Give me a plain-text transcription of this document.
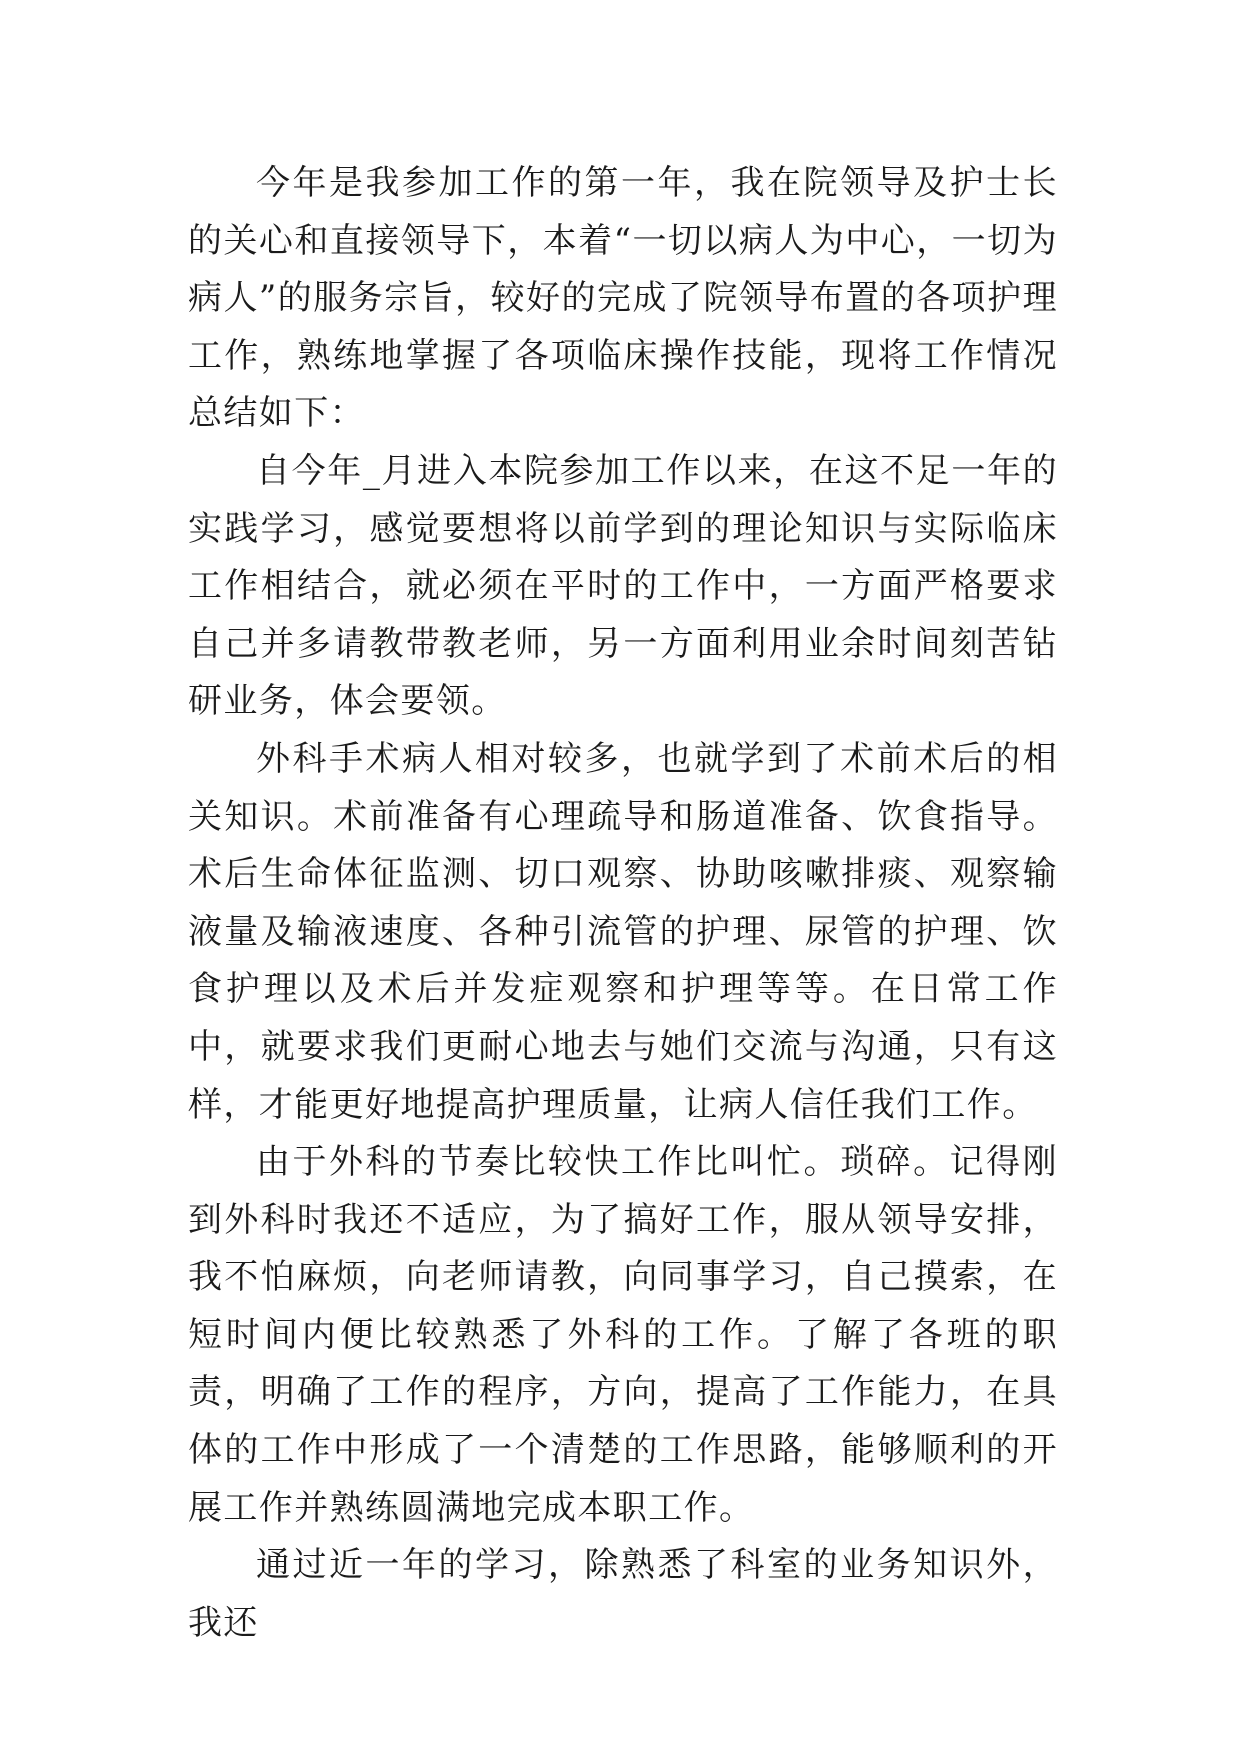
今年是我参加工作的第一年，我在院领导及护士长的关心和直接领导下，本着“一切以病人为中心，一切为病人”的服务宗旨，较好的完成了院领导布置的各项护理工作，熟练地掌握了各项临床操作技能，现将工作情况总结如下：

自今年_月进入本院参加工作以来，在这不足一年的实践学习，感觉要想将以前学到的理论知识与实际临床工作相结合，就必须在平时的工作中，一方面严格要求自己并多请教带教老师，另一方面利用业余时间刻苦钻研业务，体会要领。

外科手术病人相对较多，也就学到了术前术后的相关知识。术前准备有心理疏导和肠道准备、饮食指导。术后生命体征监测、切口观察、协助咳嗽排痰、观察输液量及输液速度、各种引流管的护理、尿管的护理、饮食护理以及术后并发症观察和护理等等。在日常工作中，就要求我们更耐心地去与她们交流与沟通，只有这样，才能更好地提高护理质量，让病人信任我们工作。

由于外科的节奏比较快工作比叫忙。琐碎。记得刚到外科时我还不适应，为了搞好工作，服从领导安排，我不怕麻烦，向老师请教，向同事学习，自己摸索，在短时间内便比较熟悉了外科的工作。了解了各班的职责，明确了工作的程序，方向，提高了工作能力，在具体的工作中形成了一个清楚的工作思路，能够顺利的开展工作并熟练圆满地完成本职工作。

通过近一年的学习，除熟悉了科室的业务知识外，我还
